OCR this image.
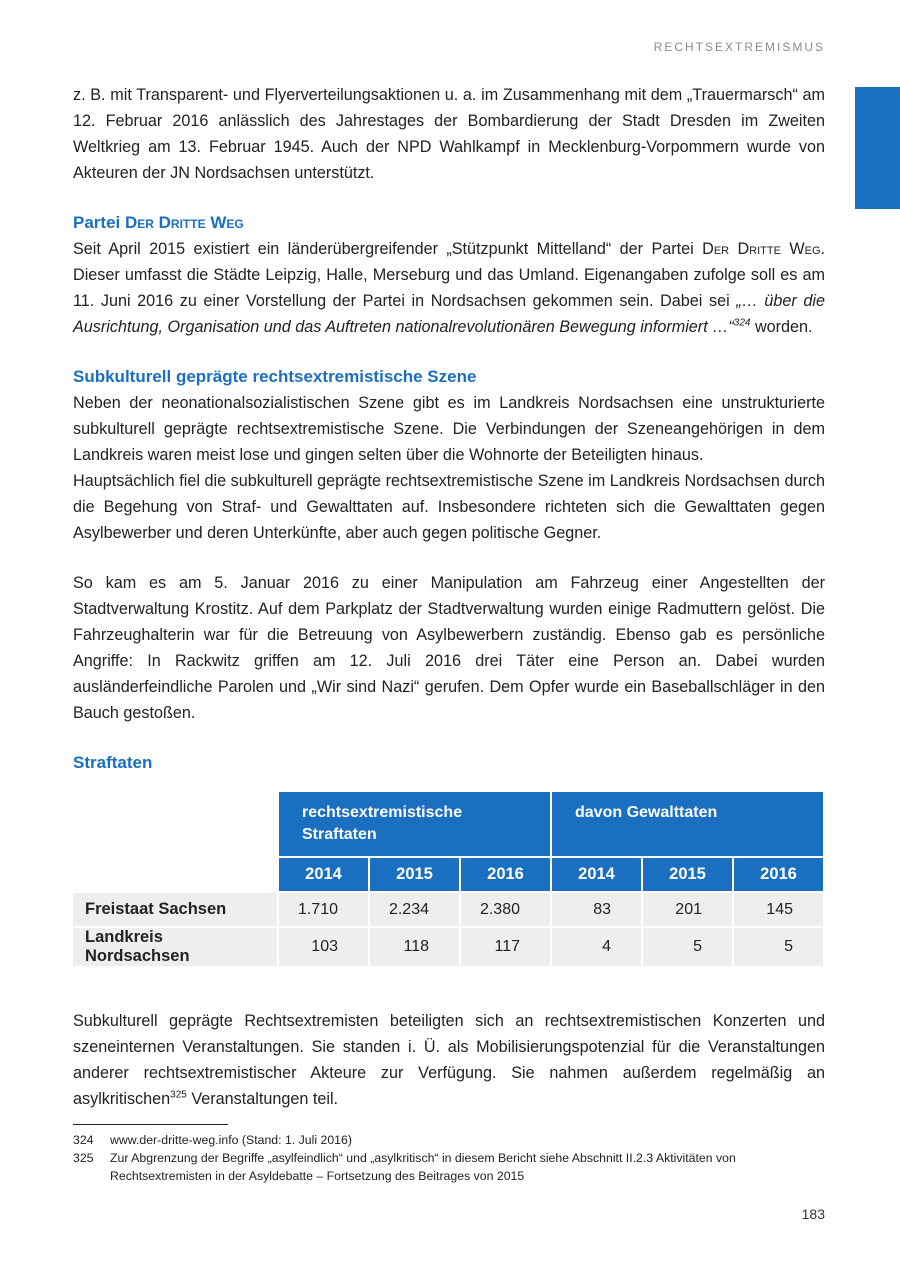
RECHTSEXTREMISMUS

z. B. mit Transparent- und Flyerverteilungsaktionen u. a. im Zusammenhang mit dem „Trauermarsch“ am 12. Februar 2016 anlässlich des Jahrestages der Bombardierung der Stadt Dresden im Zweiten Weltkrieg am 13. Februar 1945. Auch der NPD Wahlkampf in Mecklenburg-Vorpommern wurde von Akteuren der JN Nordsachsen unterstützt.

Partei Der Dritte Weg

Seit April 2015 existiert ein länderübergreifender „Stützpunkt Mittelland“ der Partei Der Dritte Weg. Dieser umfasst die Städte Leipzig, Halle, Merseburg und das Umland. Eigenangaben zufolge soll es am 11. Juni 2016 zu einer Vorstellung der Partei in Nordsachsen gekommen sein. Dabei sei „… über die Ausrichtung, Organisation und das Auftreten nationalrevolutionären Bewegung informiert …“$^{324}$ worden.

Subkulturell geprägte rechtsextremistische Szene

Neben der neonationalsozialistischen Szene gibt es im Landkreis Nordsachsen eine unstrukturierte subkulturell geprägte rechtsextremistische Szene. Die Verbindungen der Szeneangehörigen in dem Landkreis waren meist lose und gingen selten über die Wohnorte der Beteiligten hinaus.

Hauptsächlich fiel die subkulturell geprägte rechtsextremistische Szene im Landkreis Nordsachsen durch die Begehung von Straf- und Gewalttaten auf. Insbesondere richteten sich die Gewalttaten gegen Asylbewerber und deren Unterkünfte, aber auch gegen politische Gegner.

So kam es am 5. Januar 2016 zu einer Manipulation am Fahrzeug einer Angestellten der Stadtverwaltung Krostitz. Auf dem Parkplatz der Stadtverwaltung wurden einige Radmuttern gelöst. Die Fahrzeughalterin war für die Betreuung von Asylbewerbern zuständig. Ebenso gab es persönliche Angriffe: In Rackwitz griffen am 12. Juli 2016 drei Täter eine Person an. Dabei wurden ausländerfeindliche Parolen und „Wir sind Nazi“ gerufen. Dem Opfer wurde ein Baseballschläger in den Bauch gestoßen.

Straftaten
	rechtsextremistische Straftaten			davon Gewalttaten		
	2014	2015	2016	2014	2015	2016
Freistaat Sachsen	1.710	2.234	2.380	83	201	145
Landkreis Nordsachsen	103	118	117	4	5	5

Subkulturell geprägte Rechtsextremisten beteiligten sich an rechtsextremistischen Konzerten und szeneinternen Veranstaltungen. Sie standen i. Ü. als Mobilisierungspotenzial für die Veranstaltungen anderer rechtsextremistischer Akteure zur Verfügung. Sie nahmen außerdem regelmäßig an asylkritischen$^{325}$ Veranstaltungen teil.

324	www.der-dritte-weg.info (Stand: 1. Juli 2016)
325	Zur Abgrenzung der Begriffe „asylfeindlich“ und „asylkritisch“ in diesem Bericht siehe Abschnitt II.2.3 Aktivitäten von Rechtsextremisten in der Asyldebatte – Fortsetzung des Beitrages von 2015
183
